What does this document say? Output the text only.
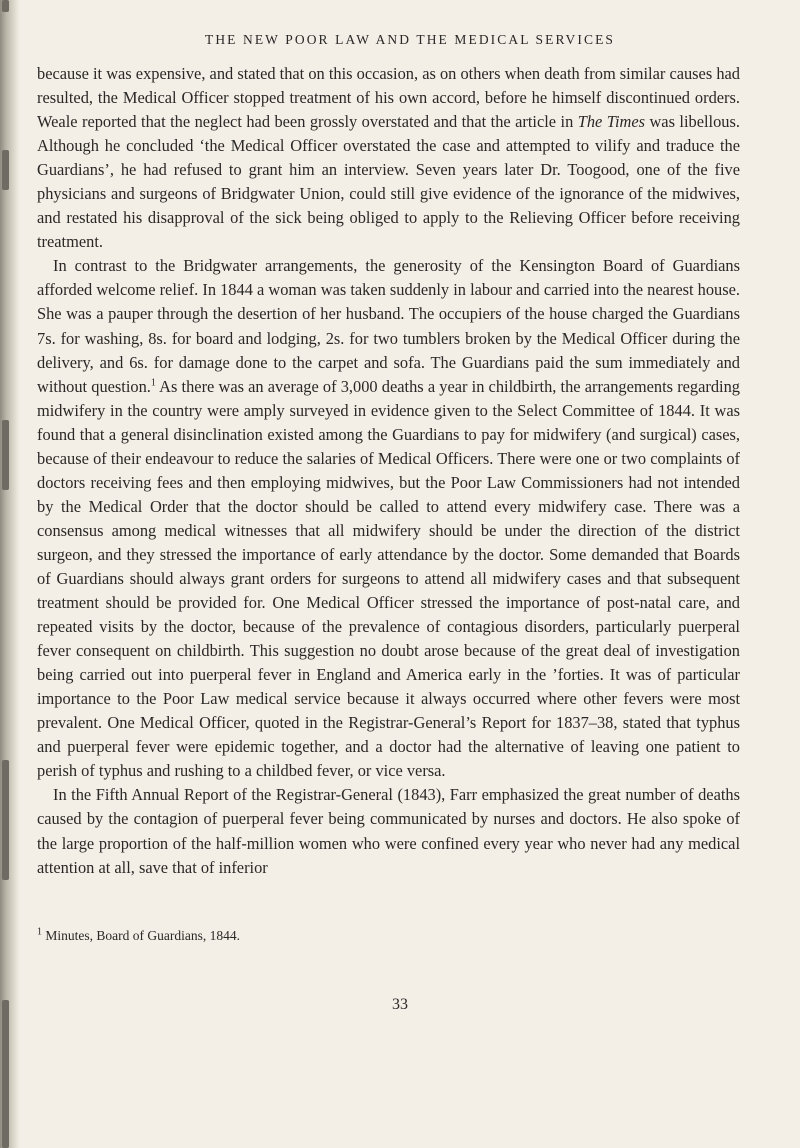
THE NEW POOR LAW AND THE MEDICAL SERVICES

because it was expensive, and stated that on this occasion, as on others when death from similar causes had resulted, the Medical Officer stopped treatment of his own accord, before he himself discontinued orders. Weale reported that the neglect had been grossly overstated and that the article in The Times was libellous. Although he concluded ‘the Medical Officer overstated the case and attempted to vilify and traduce the Guardians’, he had refused to grant him an interview. Seven years later Dr. Toogood, one of the five physicians and surgeons of Bridgwater Union, could still give evidence of the ignorance of the midwives, and restated his disapproval of the sick being obliged to apply to the Relieving Officer before receiving treatment.

In contrast to the Bridgwater arrangements, the generosity of the Kensington Board of Guardians afforded welcome relief. In 1844 a woman was taken suddenly in labour and carried into the nearest house. She was a pauper through the desertion of her husband. The occupiers of the house charged the Guardians 7s. for washing, 8s. for board and lodging, 2s. for two tumblers broken by the Medical Officer during the delivery, and 6s. for damage done to the carpet and sofa. The Guardians paid the sum immediately and without question.$^1$ As there was an average of 3,000 deaths a year in childbirth, the arrangements regarding midwifery in the country were amply surveyed in evidence given to the Select Committee of 1844. It was found that a general disinclination existed among the Guardians to pay for midwifery (and surgical) cases, because of their endeavour to reduce the salaries of Medical Officers. There were one or two complaints of doctors receiving fees and then employing midwives, but the Poor Law Commissioners had not intended by the Medical Order that the doctor should be called to attend every midwifery case. There was a consensus among medical witnesses that all midwifery should be under the direction of the district surgeon, and they stressed the importance of early attendance by the doctor. Some demanded that Boards of Guardians should always grant orders for surgeons to attend all midwifery cases and that subsequent treatment should be provided for. One Medical Officer stressed the importance of post-natal care, and repeated visits by the doctor, because of the prevalence of contagious disorders, particularly puerperal fever consequent on childbirth. This suggestion no doubt arose because of the great deal of investigation being carried out into puerperal fever in England and America early in the ’forties. It was of particular importance to the Poor Law medical service because it always occurred where other fevers were most prevalent. One Medical Officer, quoted in the Registrar-General’s Report for 1837–38, stated that typhus and puerperal fever were epidemic together, and a doctor had the alternative of leaving one patient to perish of typhus and rushing to a childbed fever, or vice versa.

In the Fifth Annual Report of the Registrar-General (1843), Farr emphasized the great number of deaths caused by the contagion of puerperal fever being communicated by nurses and doctors. He also spoke of the large proportion of the half-million women who were confined every year who never had any medical attention at all, save that of inferior

$^1$ Minutes, Board of Guardians, 1844.
33
